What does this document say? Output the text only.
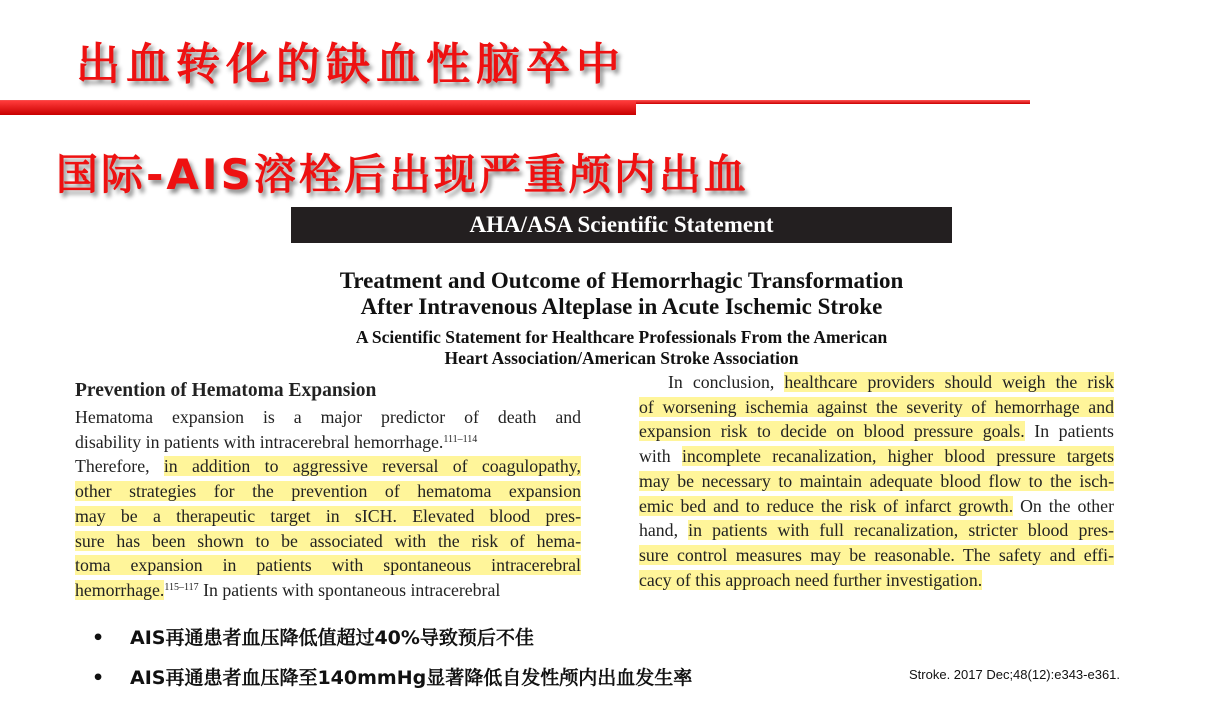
出血转化的缺血性脑卒中
国际-AIS溶栓后出现严重颅内出血
AHA/ASA Scientific Statement
Treatment and Outcome of Hemorrhagic Transformation
After Intravenous Alteplase in Acute Ischemic Stroke
A Scientific Statement for Healthcare Professionals From the American
Heart Association/American Stroke Association
Prevention of Hematoma Expansion
Hematoma expansion is a major predictor of death and
disability in patients with intracerebral hemorrhage.$^{111-114}$
Therefore, in addition to aggressive reversal of coagulopathy,
other strategies for the prevention of hematoma expansion
may be a therapeutic target in sICH. Elevated blood pres-
sure has been shown to be associated with the risk of hema-
toma expansion in patients with spontaneous intracerebral
hemorrhage.$^{115-117}$ In patients with spontaneous intracerebral
In conclusion, healthcare providers should weigh the risk
of worsening ischemia against the severity of hemorrhage and
expansion risk to decide on blood pressure goals. In patients
with incomplete recanalization, higher blood pressure targets
may be necessary to maintain adequate blood flow to the isch-
emic bed and to reduce the risk of infarct growth. On the other
hand, in patients with full recanalization, stricter blood pres-
sure control measures may be reasonable. The safety and effi-
cacy of this approach need further investigation.
• AIS再通患者血压降低值超过40%导致预后不佳
• AIS再通患者血压降至140mmHg显著降低自发性颅内出血发生率	Stroke. 2017 Dec;48(12):e343-e361.
